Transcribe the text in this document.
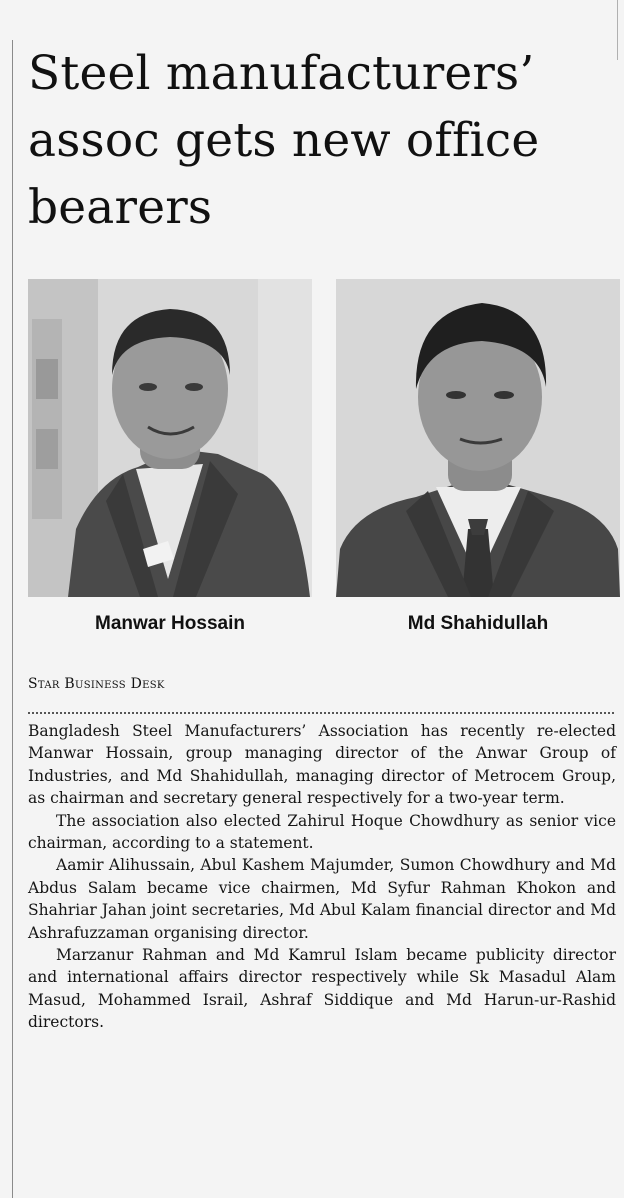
Steel manufacturers’ assoc gets new office bearers
Manwar Hossain	Md Shahidullah
Star Business Desk

Bangladesh Steel Manufacturers’ Association has recently re-elected Manwar Hossain, group managing director of the Anwar Group of Industries, and Md Shahidullah, managing director of Metrocem Group, as chairman and secretary general respectively for a two-year term.

The association also elected Zahirul Hoque Chowdhury as senior vice chairman, according to a statement.

Aamir Alihussain, Abul Kashem Majumder, Sumon Chowdhury and Md Abdus Salam became vice chairmen, Md Syfur Rahman Khokon and Shahriar Jahan joint secretaries, Md Abul Kalam financial director and Md Ashrafuzzaman organising director.

Marzanur Rahman and Md Kamrul Islam became publicity director and international affairs director respectively while Sk Masadul Alam Masud, Mohammed Israil, Ashraf Siddique and Md Harun-ur-Rashid directors.
